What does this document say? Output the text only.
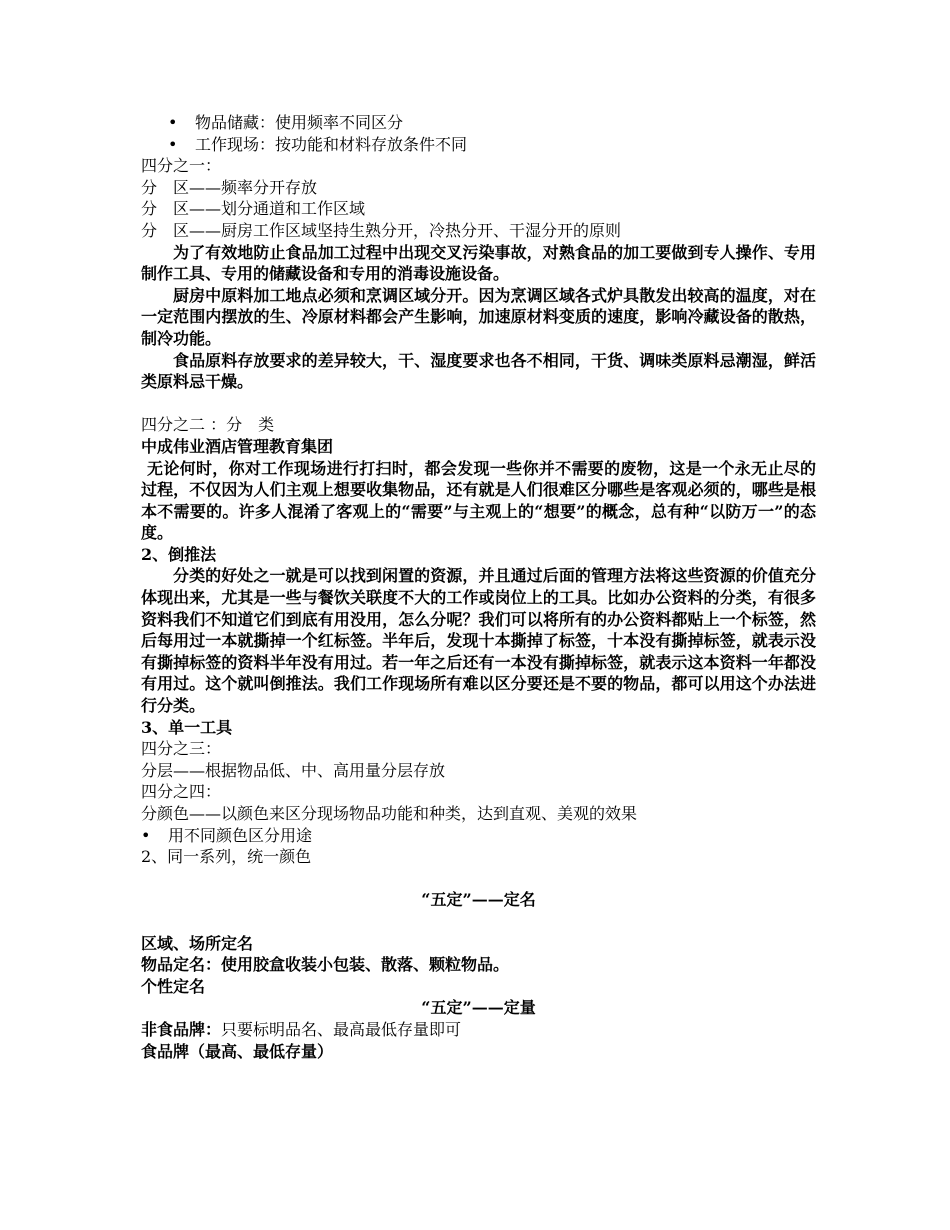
• 物品储藏：使用频率不同区分
• 工作现场：按功能和材料存放条件不同
四分之一：
分　区——频率分开存放
分　区——划分通道和工作区域
分　区——厨房工作区域坚持生熟分开，冷热分开、干湿分开的原则
为了有效地防止食品加工过程中出现交叉污染事故，对熟食品的加工要做到专人操作、专用制作工具、专用的储藏设备和专用的消毒设施设备。
厨房中原料加工地点必须和烹调区域分开。因为烹调区域各式炉具散发出较高的温度，对在一定范围内摆放的生、冷原材料都会产生影响，加速原材料变质的速度，影响冷藏设备的散热，制冷功能。
食品原料存放要求的差异较大，干、湿度要求也各不相同，干货、调味类原料忌潮湿，鲜活类原料忌干燥。
四分之二 ：分　类
中成伟业酒店管理教育集团
无论何时，你对工作现场进行打扫时，都会发现一些你并不需要的废物，这是一个永无止尽的过程，不仅因为人们主观上想要收集物品，还有就是人们很难区分哪些是客观必须的，哪些是根本不需要的。许多人混淆了客观上的“需要”与主观上的“想要”的概念，总有种“以防万一”的态度。
2、倒推法
分类的好处之一就是可以找到闲置的资源，并且通过后面的管理方法将这些资源的价值充分体现出来，尤其是一些与餐饮关联度不大的工作或岗位上的工具。比如办公资料的分类，有很多资料我们不知道它们到底有用没用，怎么分呢？我们可以将所有的办公资料都贴上一个标签，然后每用过一本就撕掉一个红标签。半年后，发现十本撕掉了标签，十本没有撕掉标签，就表示没有撕掉标签的资料半年没有用过。若一年之后还有一本没有撕掉标签，就表示这本资料一年都没有用过。这个就叫倒推法。我们工作现场所有难以区分要还是不要的物品，都可以用这个办法进行分类。
3、单一工具
四分之三：
分层——根据物品低、中、高用量分层存放
四分之四：
分颜色——以颜色来区分现场物品功能和种类，达到直观、美观的效果
• 用不同颜色区分用途
2、同一系列，统一颜色
“五定”——定名
区域、场所定名
物品定名：使用胶盒收装小包装、散落、颗粒物品。
个性定名
“五定”——定量
非食品牌：只要标明品名、最高最低存量即可
食品牌（最高、最低存量）
